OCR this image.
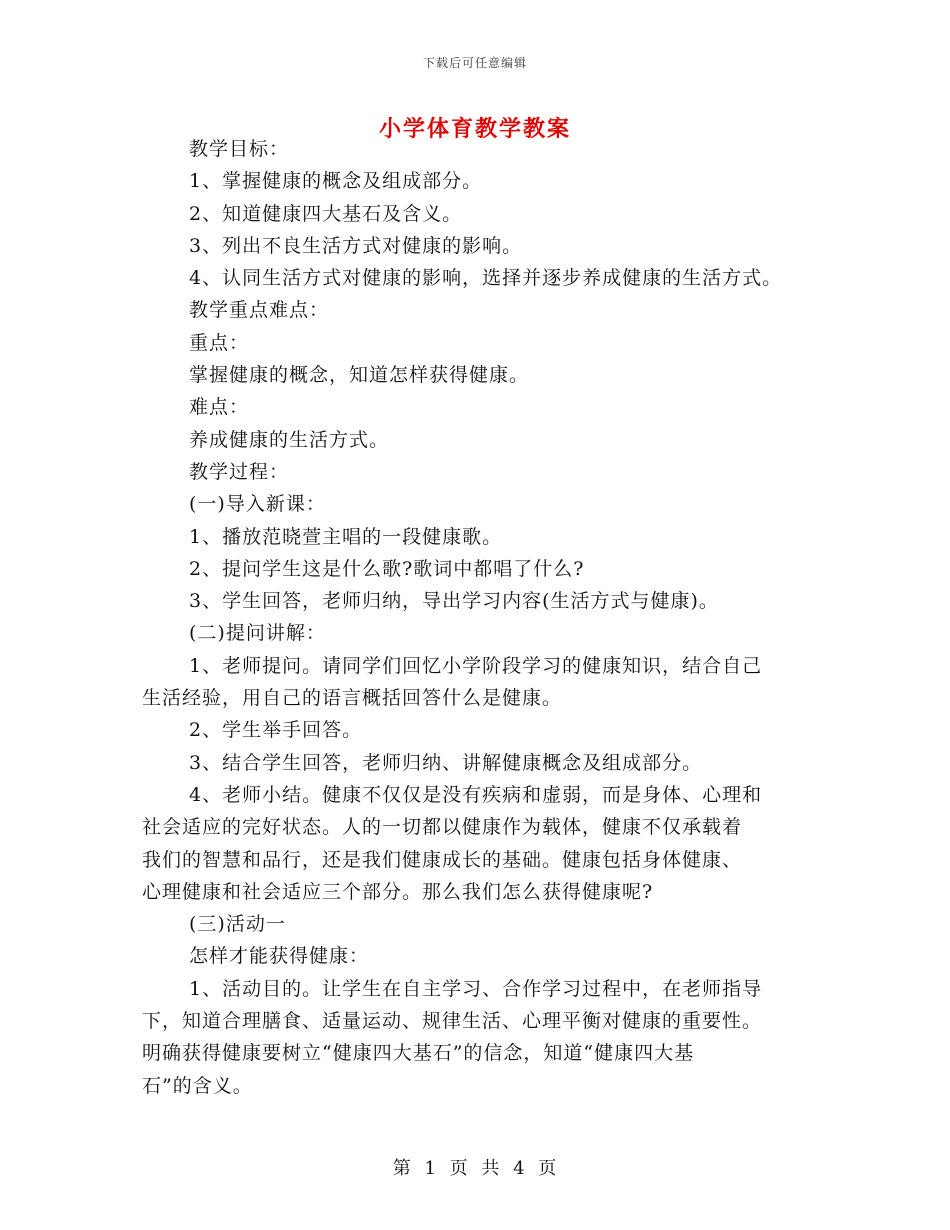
下载后可任意编辑
小学体育教学教案
教学目标：
1、掌握健康的概念及组成部分。
2、知道健康四大基石及含义。
3、列出不良生活方式对健康的影响。
4、认同生活方式对健康的影响，选择并逐步养成健康的生活方式。
教学重点难点：
重点：
掌握健康的概念，知道怎样获得健康。
难点：
养成健康的生活方式。
教学过程：
(一)导入新课：
1、播放范晓萱主唱的一段健康歌。
2、提问学生这是什么歌?歌词中都唱了什么?
3、学生回答，老师归纳，导出学习内容(生活方式与健康)。
(二)提问讲解：
1、老师提问。请同学们回忆小学阶段学习的健康知识，结合自己
生活经验，用自己的语言概括回答什么是健康。
2、学生举手回答。
3、结合学生回答，老师归纳、讲解健康概念及组成部分。
4、老师小结。健康不仅仅是没有疾病和虚弱，而是身体、心理和
社会适应的完好状态。人的一切都以健康作为载体，健康不仅承载着
我们的智慧和品行，还是我们健康成长的基础。健康包括身体健康、
心理健康和社会适应三个部分。那么我们怎么获得健康呢?
(三)活动一
怎样才能获得健康：
1、活动目的。让学生在自主学习、合作学习过程中，在老师指导
下，知道合理膳食、适量运动、规律生活、心理平衡对健康的重要性。
明确获得健康要树立“健康四大基石”的信念，知道“健康四大基
石”的含义。
第 1 页 共 4 页
